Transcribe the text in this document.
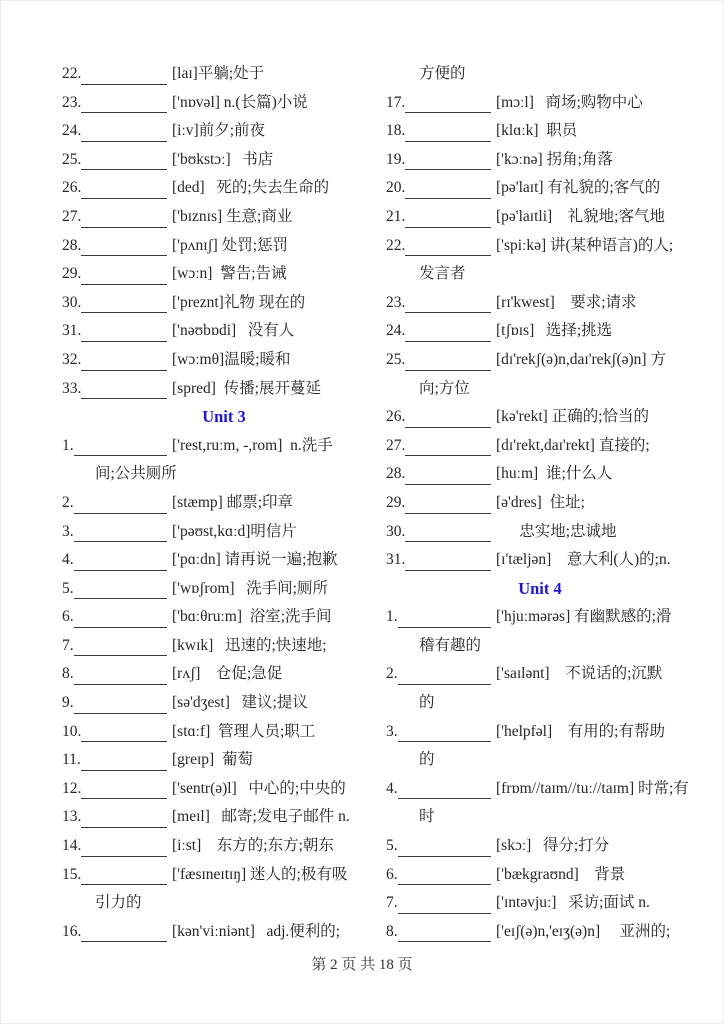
22.	[laɪ]平躺;处于
23.	['nɒvəl] n.(长篇)小说
24.	[iːv]前夕;前夜
25.	['bʊkstɔː]   书店
26.	[ded]   死的;失去生命的
27.	['bɪznɪs] 生意;商业
28.	['pʌnɪʃ] 处罚;惩罚
29.	[wɔːn]  警告;告诫
30.	['preznt]礼物 现在的
31.	['nəʊbɒdi]   没有人
32.	[wɔːmθ]温暖;暖和
33.	[spred]  传播;展开蔓延
Unit 3
1.	['rest,ruːm, -,rom]  n.洗手
间;公共厕所
2.	[stæmp] 邮票;印章
3.	['pəʊst,kɑːd]明信片
4.	['pɑːdn] 请再说一遍;抱歉
5.	['wɒʃrom]   洗手间;厕所
6.	['bɑːθruːm]  浴室;洗手间
7.	[kwɪk]   迅速的;快速地;
8.	[rʌʃ]    仓促;急促
9.	[sə'dʒest]   建议;提议
10.	[stɑːf]  管理人员;职工
11.	[greɪp]  葡萄
12.	['sentr(ə)l]   中心的;中央的
13.	[meɪl]   邮寄;发电子邮件 n.
14.	[iːst]    东方的;东方;朝东
15.	['fæsɪneɪtɪŋ] 迷人的;极有吸
引力的
16.	[kən'viːniənt]   adj.便利的;
方便的
17.	[mɔːl]   商场;购物中心
18.	[klɑːk]  职员
19.	['kɔːnə] 拐角;角落
20.	[pə'laɪt] 有礼貌的;客气的
21.	[pə'laɪtli]    礼貌地;客气地
22.	['spiːkə] 讲(某种语言)的人;
发言者
23.	[rɪ'kwest]    要求;请求
24.	[tʃɒɪs]   选择;挑选
25.	[dɪ'rekʃ(ə)n,daɪ'rekʃ(ə)n] 方
向;方位
26.	[kə'rekt] 正确的;恰当的
27.	[dɪ'rekt,daɪ'rekt] 直接的;
28.	[huːm]  谁;什么人
29.	[ə'dres]  住址;
30.	忠实地;忠诚地
31.	[ɪ'tæljən]    意大利(人)的;n.
Unit 4
1.	['hjuːmərəs] 有幽默感的;滑
稽有趣的
2.	['saɪlənt]    不说话的;沉默
的
3.	['helpfəl]    有用的;有帮助
的
4.	[frɒm//taɪm//tuː//taɪm] 时常;有
时
5.	[skɔː]   得分;打分
6.	['bækgraʊnd]    背景
7.	['ɪntəvjuː]   采访;面试 n.
8.	['eɪʃ(ə)n,'eɪʒ(ə)n]     亚洲的;
第 2 页 共 18 页
